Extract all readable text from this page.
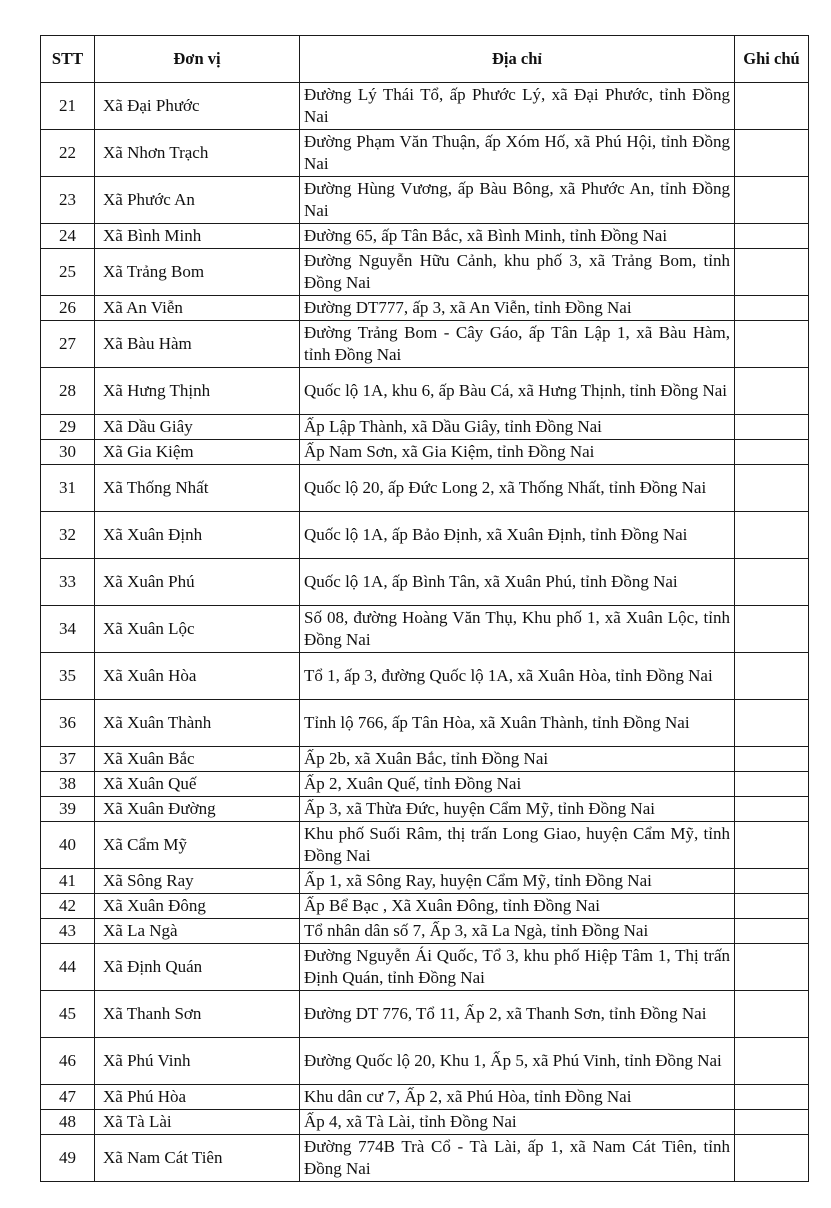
STT	Đơn vị	Địa chỉ	Ghi chú
21	Xã Đại Phước	Đường Lý Thái Tổ, ấp Phước Lý, xã Đại Phước, tỉnh Đồng Nai	
22	Xã Nhơn Trạch	Đường Phạm Văn Thuận, ấp Xóm Hố, xã Phú Hội, tỉnh Đồng Nai	
23	Xã Phước An	Đường Hùng Vương, ấp Bàu Bông, xã Phước An, tỉnh Đồng Nai	
24	Xã Bình Minh	Đường 65, ấp Tân Bắc, xã Bình Minh, tỉnh Đồng Nai	
25	Xã Trảng Bom	Đường Nguyễn Hữu Cảnh, khu phố 3, xã Trảng Bom, tỉnh Đồng Nai	
26	Xã An Viễn	Đường DT777, ấp 3, xã An Viễn, tỉnh Đồng Nai	
27	Xã Bàu Hàm	Đường Trảng Bom - Cây Gáo, ấp Tân Lập 1, xã Bàu Hàm, tỉnh Đồng Nai	
28	Xã Hưng Thịnh	Quốc lộ 1A, khu 6, ấp Bàu Cá, xã Hưng Thịnh, tỉnh Đồng Nai	
29	Xã Dầu Giây	Ấp Lập Thành, xã Dầu Giây, tỉnh Đồng Nai	
30	Xã Gia Kiệm	Ấp Nam Sơn, xã Gia Kiệm, tỉnh Đồng Nai	
31	Xã Thống Nhất	Quốc lộ 20, ấp Đức Long 2, xã Thống Nhất, tỉnh Đồng Nai	
32	Xã Xuân Định	Quốc lộ 1A, ấp Bảo Định, xã Xuân Định, tỉnh Đồng Nai	
33	Xã Xuân Phú	Quốc lộ 1A, ấp Bình Tân, xã Xuân Phú, tỉnh Đồng Nai	
34	Xã Xuân Lộc	Số 08, đường Hoàng Văn Thụ, Khu phố 1, xã Xuân Lộc, tỉnh Đồng Nai	
35	Xã Xuân Hòa	Tổ 1, ấp 3, đường Quốc lộ 1A, xã Xuân Hòa, tỉnh Đồng Nai	
36	Xã Xuân Thành	Tỉnh lộ 766, ấp Tân Hòa, xã Xuân Thành, tỉnh Đồng Nai	
37	Xã Xuân Bắc	Ấp 2b, xã Xuân Bắc, tỉnh Đồng Nai	
38	Xã Xuân Quế	Ấp 2, Xuân Quế, tỉnh Đồng Nai	
39	Xã Xuân Đường	Ấp 3, xã Thừa Đức, huyện Cẩm Mỹ, tỉnh Đồng Nai	
40	Xã Cẩm Mỹ	Khu phố Suối Râm, thị trấn Long Giao, huyện Cẩm Mỹ, tỉnh Đồng Nai	
41	Xã Sông Ray	Ấp 1, xã Sông Ray, huyện Cẩm Mỹ, tỉnh Đồng Nai	
42	Xã Xuân Đông	Ấp Bể Bạc , Xã Xuân Đông, tỉnh Đồng Nai	
43	Xã La Ngà	Tổ nhân dân số 7, Ấp 3, xã La Ngà, tỉnh Đồng Nai	
44	Xã Định Quán	Đường Nguyễn Ái Quốc, Tổ 3, khu phố Hiệp Tâm 1, Thị trấn Định Quán, tỉnh Đồng Nai	
45	Xã Thanh Sơn	Đường DT 776, Tổ 11, Ấp 2, xã Thanh Sơn, tỉnh Đồng Nai	
46	Xã Phú Vinh	Đường Quốc lộ 20, Khu 1, Ấp 5, xã Phú Vinh, tỉnh Đồng Nai	
47	Xã Phú Hòa	Khu dân cư 7, Ấp 2, xã Phú Hòa, tỉnh Đồng Nai	
48	Xã Tà Lài	Ấp 4, xã Tà Lài, tỉnh Đồng Nai	
49	Xã Nam Cát Tiên	Đường 774B Trà Cổ - Tà Lài, ấp 1, xã Nam Cát Tiên, tỉnh Đồng Nai	
